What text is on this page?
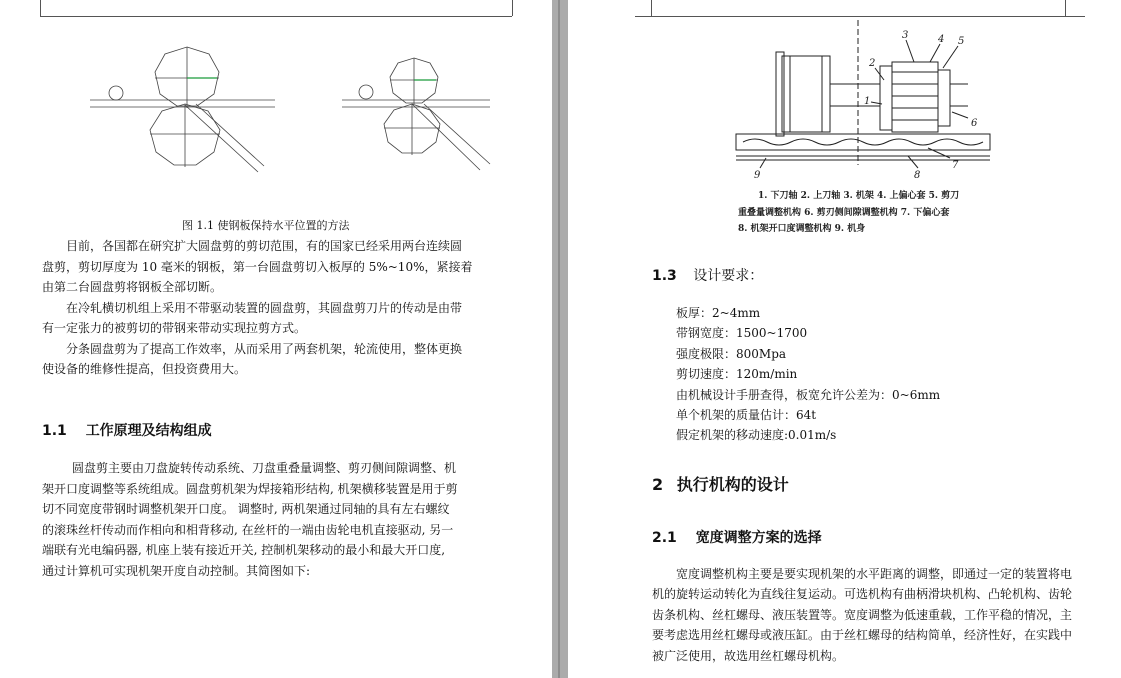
图 1.1 使钢板保持水平位置的方法
目前，各国都在研究扩大圆盘剪的剪切范围，有的国家已经采用两台连续圆
盘剪，剪切厚度为 10 毫米的钢板，第一台圆盘剪切入板厚的 5%~10%，紧接着
由第二台圆盘剪将钢板全部切断。
在冷轧横切机组上采用不带驱动装置的圆盘剪，其圆盘剪刀片的传动是由带
有一定张力的被剪切的带钢来带动实现拉剪方式。
分条圆盘剪为了提高工作效率，从而采用了两套机架，轮流使用，整体更换
使设备的维修性提高，但投资费用大。
1.1 工作原理及结构组成
圆盘剪主要由刀盘旋转传动系统、刀盘重叠量调整、剪刃侧间隙调整、机
架开口度调整等系统组成。圆盘剪机架为焊接箱形结构, 机架横移装置是用于剪
切不同宽度带钢时调整机架开口度。 调整时, 两机架通过同轴的具有左右螺纹
的滚珠丝杆传动而作相向和相背移动, 在丝杆的一端由齿轮电机直接驱动, 另一
端联有光电编码器, 机座上装有接近开关, 控制机架移动的最小和最大开口度,
通过计算机可实现机架开度自动控制。其简图如下:
3	4 5
2
1
6
7
8
9
1. 下刀轴 2. 上刀轴 3. 机架 4. 上偏心套 5. 剪刀
重叠量调整机构 6. 剪刃侧间隙调整机构 7. 下偏心套
8. 机架开口度调整机构 9. 机身
1.3 设计要求：
板厚：2~4mm
带钢宽度：1500~1700
强度极限：800Mpa
剪切速度：120m/min
由机械设计手册查得，板宽允许公差为：0~6mm
单个机架的质量估计：64t
假定机架的移动速度:0.01m/s
2 执行机构的设计
2.1 宽度调整方案的选择
宽度调整机构主要是要实现机架的水平距离的调整，即通过一定的装置将电
机的旋转运动转化为直线往复运动。可选机构有曲柄滑块机构、凸轮机构、齿轮
齿条机构、丝杠螺母、液压装置等。宽度调整为低速重载，工作平稳的情况，主
要考虑选用丝杠螺母或液压缸。由于丝杠螺母的结构简单，经济性好，在实践中
被广泛使用，故选用丝杠螺母机构。
